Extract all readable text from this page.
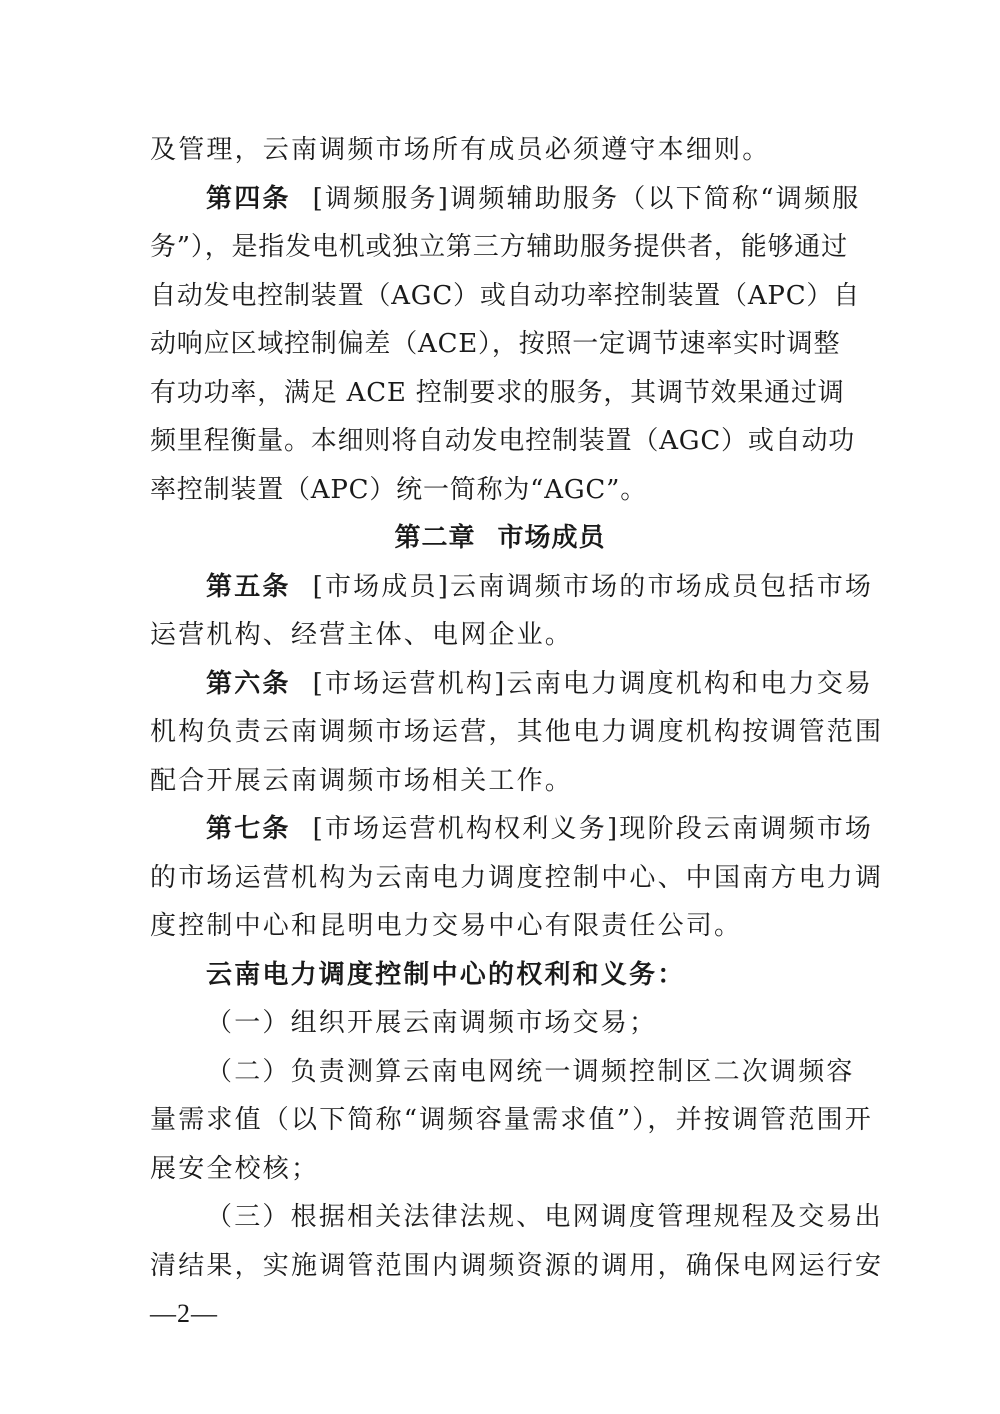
及管理，云南调频市场所有成员必须遵守本细则。
第四条 [调频服务]调频辅助服务（以下简称“调频服
务”），是指发电机或独立第三方辅助服务提供者，能够通过
自动发电控制装置（AGC）或自动功率控制装置（APC）自
动响应区域控制偏差（ACE），按照一定调节速率实时调整
有功功率，满足 ACE 控制要求的服务，其调节效果通过调
频里程衡量。本细则将自动发电控制装置（AGC）或自动功
率控制装置（APC）统一简称为“AGC”。
第二章 市场成员
第五条 [市场成员]云南调频市场的市场成员包括市场
运营机构、经营主体、电网企业。
第六条 [市场运营机构]云南电力调度机构和电力交易
机构负责云南调频市场运营，其他电力调度机构按调管范围
配合开展云南调频市场相关工作。
第七条 [市场运营机构权利义务]现阶段云南调频市场
的市场运营机构为云南电力调度控制中心、中国南方电力调
度控制中心和昆明电力交易中心有限责任公司。
云南电力调度控制中心的权利和义务：
（一）组织开展云南调频市场交易；
（二）负责测算云南电网统一调频控制区二次调频容
量需求值（以下简称“调频容量需求值”），并按调管范围开
展安全校核；
（三）根据相关法律法规、电网调度管理规程及交易出
清结果，实施调管范围内调频资源的调用，确保电网运行安
—2—
